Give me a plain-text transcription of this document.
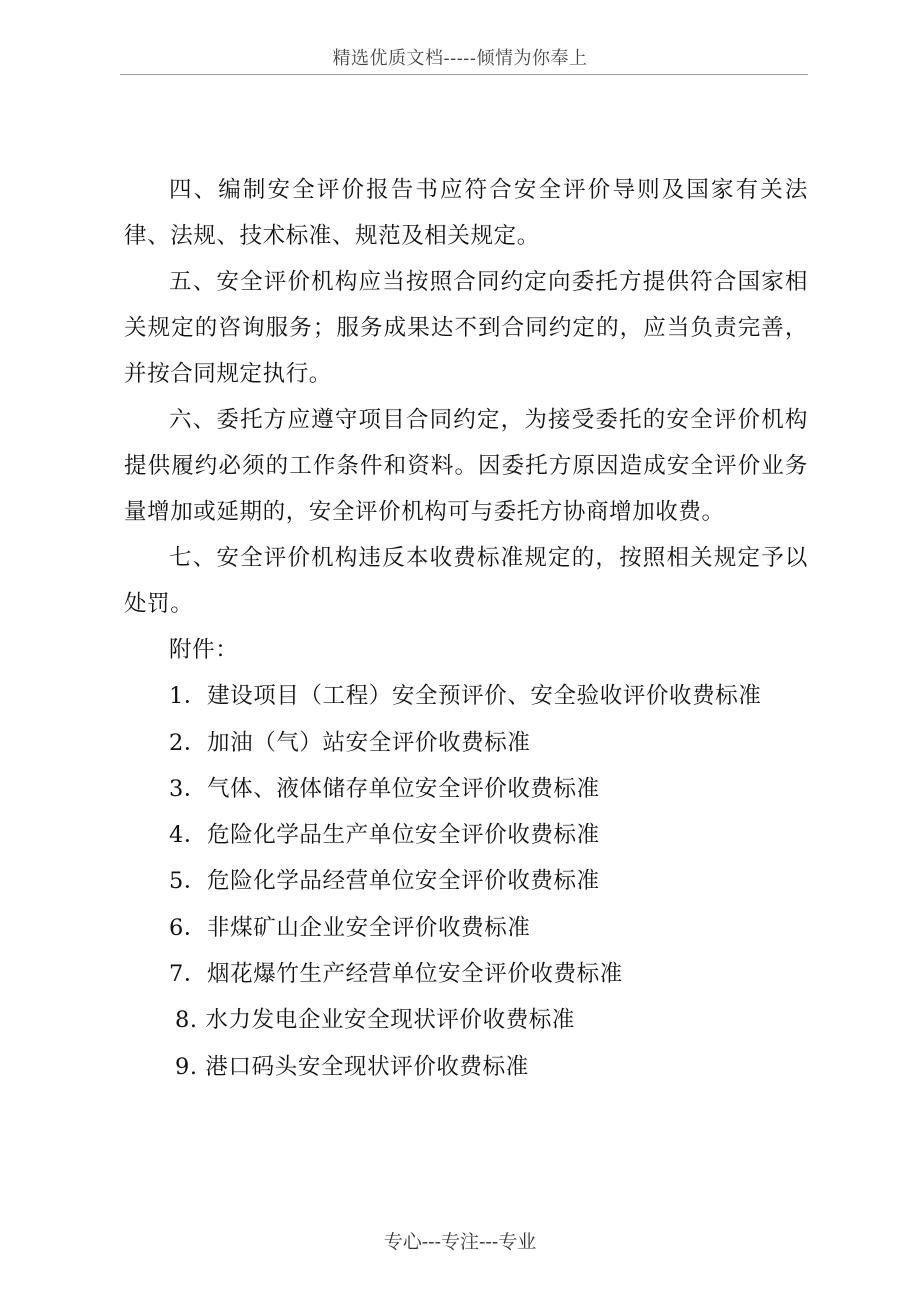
精选优质文档-----倾情为你奉上

四、编制安全评价报告书应符合安全评价导则及国家有关法律、法规、技术标准、规范及相关规定。

五、安全评价机构应当按照合同约定向委托方提供符合国家相关规定的咨询服务；服务成果达不到合同约定的，应当负责完善，并按合同规定执行。

六、委托方应遵守项目合同约定，为接受委托的安全评价机构提供履约必须的工作条件和资料。因委托方原因造成安全评价业务量增加或延期的，安全评价机构可与委托方协商增加收费。

七、安全评价机构违反本收费标准规定的，按照相关规定予以处罚。

附件：

1．建设项目（工程）安全预评价、安全验收评价收费标准

2．加油（气）站安全评价收费标准

3．气体、液体储存单位安全评价收费标准

4．危险化学品生产单位安全评价收费标准

5．危险化学品经营单位安全评价收费标准

6．非煤矿山企业安全评价收费标准

7．烟花爆竹生产经营单位安全评价收费标准

8. 水力发电企业安全现状评价收费标准

9. 港口码头安全现状评价收费标准

专心---专注---专业
